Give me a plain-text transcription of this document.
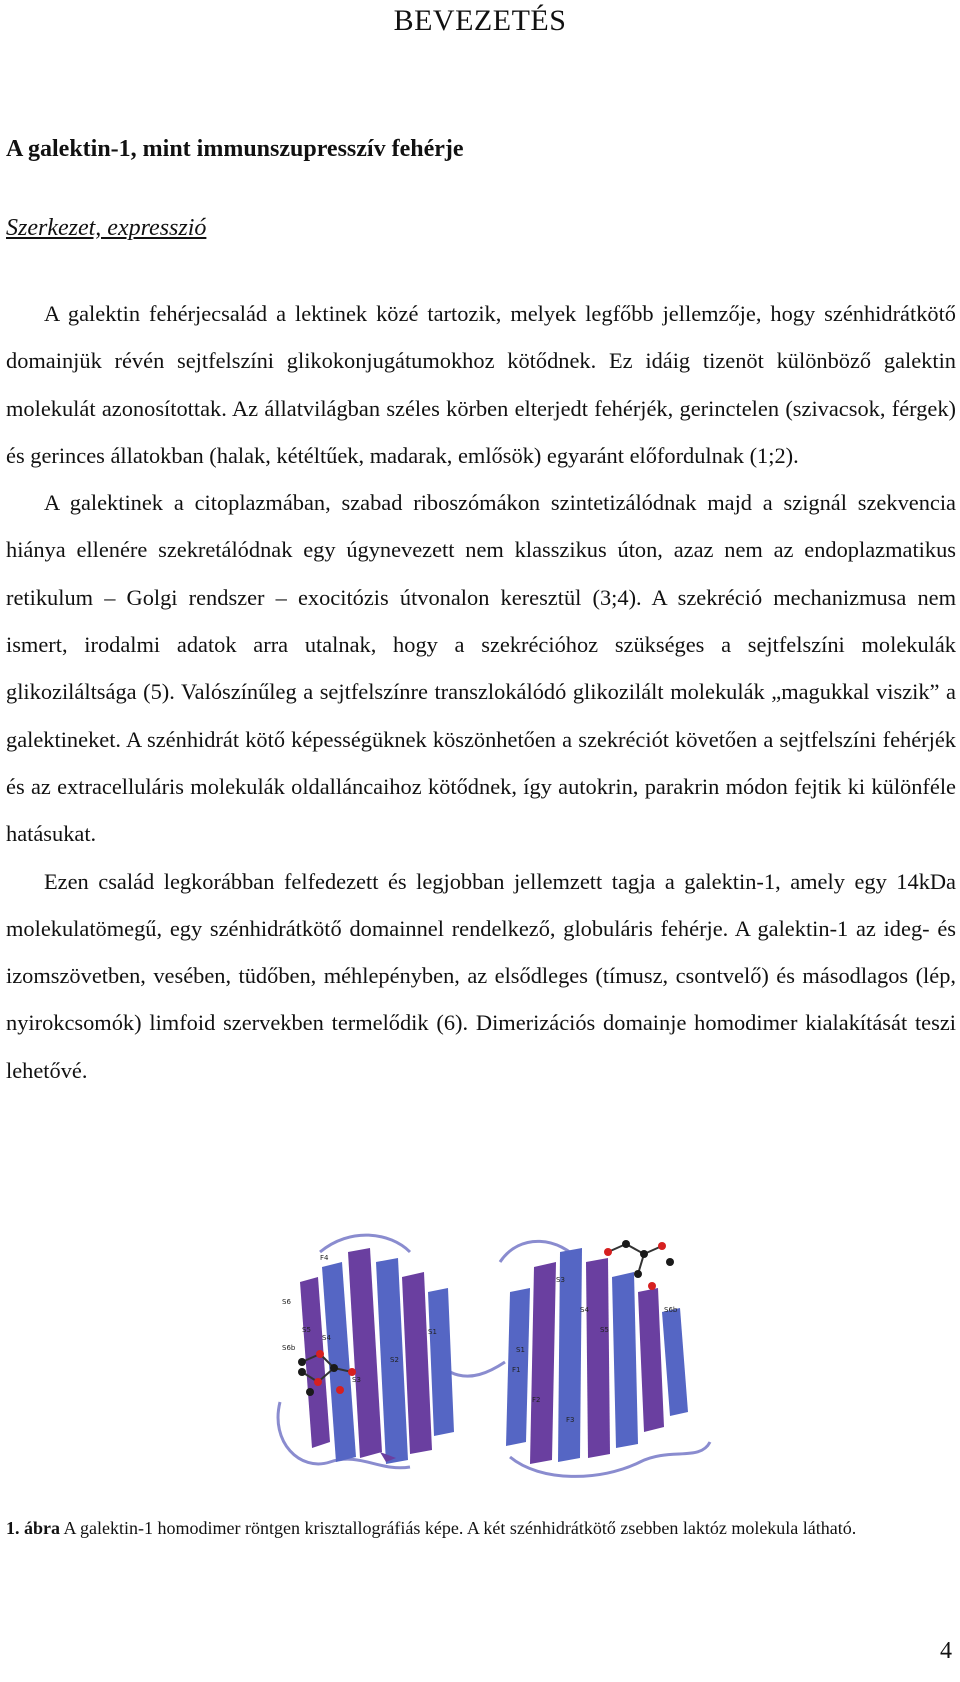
BEVEZETÉS
A galektin-1, mint immunszupresszív fehérje
Szerkezet, expresszió

A galektin fehérjecsalád a lektinek közé tartozik, melyek legfőbb jellemzője, hogy szénhidrátkötő domainjük révén sejtfelszíni glikokonjugátumokhoz kötődnek. Ez idáig tizenöt különböző galektin molekulát azonosítottak. Az állatvilágban széles körben elterjedt fehérjék, gerinctelen (szivacsok, férgek) és gerinces állatokban (halak, kétéltűek, madarak, emlősök) egyaránt előfordulnak (1;2).

A galektinek a citoplazmában, szabad riboszómákon szintetizálódnak majd a szignál szekvencia hiánya ellenére szekretálódnak egy úgynevezett nem klasszikus úton, azaz nem az endoplazmatikus retikulum – Golgi rendszer – exocitózis útvonalon keresztül (3;4). A szekréció mechanizmusa nem ismert, irodalmi adatok arra utalnak, hogy a szekrécióhoz szükséges a sejtfelszíni molekulák glikoziláltsága (5). Valószínűleg a sejtfelszínre transzlokálódó glikozilált molekulák „magukkal viszik” a galektineket. A szénhidrát kötő képességüknek köszönhetően a szekréciót követően a sejtfelszíni fehérjék és az extracelluláris molekulák oldalláncaihoz kötődnek, így autokrin, parakrin módon fejtik ki különféle hatásukat.

Ezen család legkorábban felfedezett és legjobban jellemzett tagja a galektin-1, amely egy 14kDa molekulatömegű, egy szénhidrátkötő domainnel rendelkező, globuláris fehérje. A galektin-1 az ideg- és izomszövetben, vesében, tüdőben, méhlepényben, az elsődleges (tímusz, csontvelő) és másodlagos (lép, nyirokcsomók) limfoid szervekben termelődik (6). Dimerizációs domainje homodimer kialakítását teszi lehetővé.

F4
S6
S5	S1
S4
S2
S3
S6b
S3
S4
S5
S1
F1
F2
F3
S6b
1. ábra A galektin-1 homodimer röntgen krisztallográfiás képe. A két szénhidrátkötő zsebben laktóz molekula látható.
4
